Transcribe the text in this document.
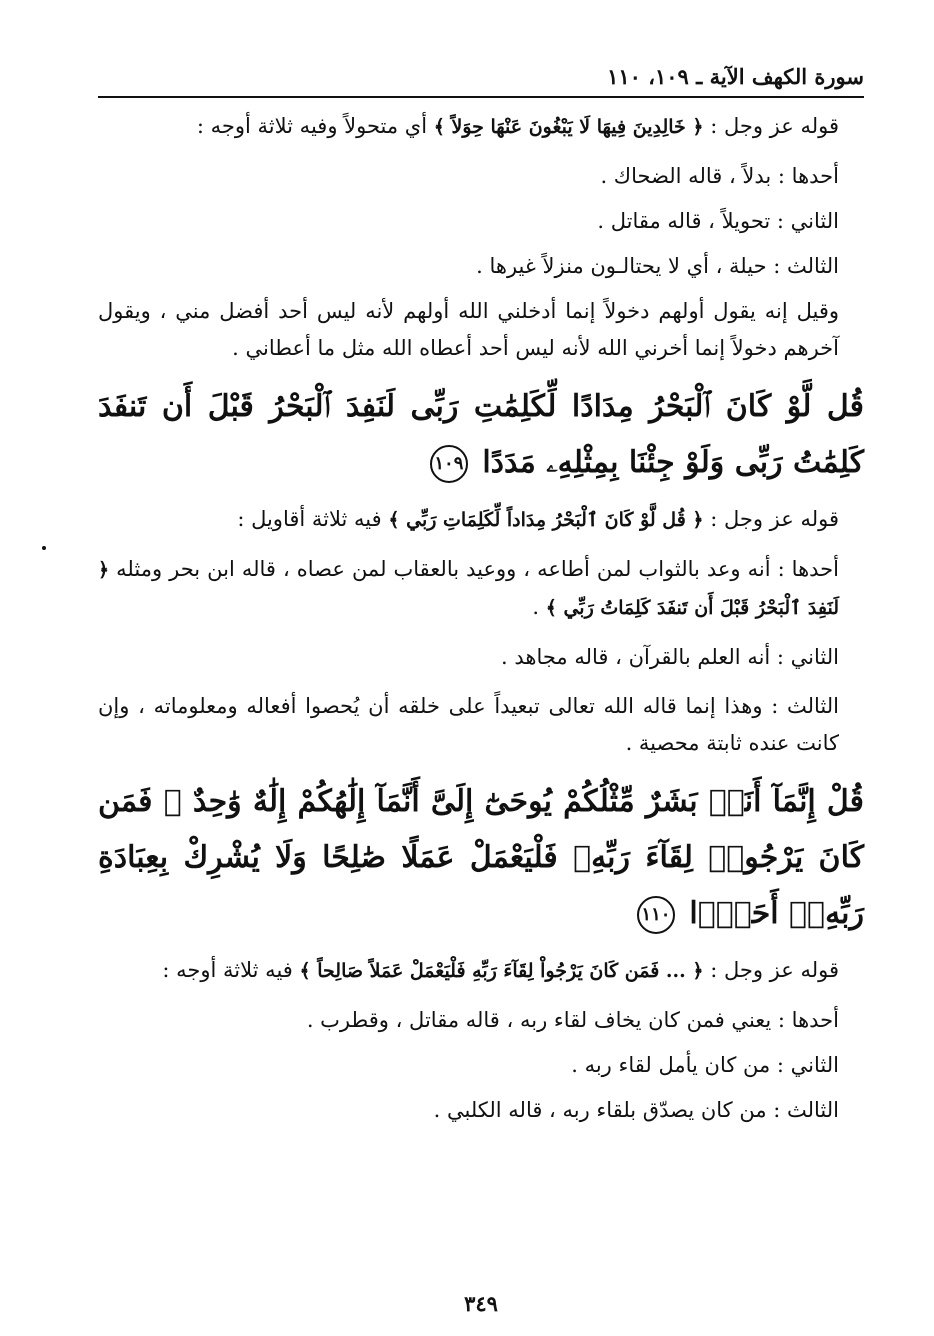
سورة الكهف الآية ـ ١٠٩، ١١٠

قوله عز وجل : ﴿ خَالِدِينَ فِيهَا لَا يَبْغُونَ عَنْهَا حِوَلاً ﴾ أي متحولاً وفيه ثلاثة أوجه :

أحدها : بدلاً ، قاله الضحاك .

الثاني : تحويلاً ، قاله مقاتل .

الثالث : حيلة ، أي لا يحتالـون منزلاً غيرها .

وقيل إنه يقول أولهم دخولاً إنما أدخلني الله أولهم لأنه ليس أحد أفضل مني ، ويقول آخرهم دخولاً إنما أخرني الله لأنه ليس أحد أعطاه الله مثل ما أعطاني .

قُل لَّوْ كَانَ ٱلْبَحْرُ مِدَادًا لِّكَلِمَٰتِ رَبِّى لَنَفِدَ ٱلْبَحْرُ قَبْلَ أَن تَنفَدَ كَلِمَٰتُ رَبِّى وَلَوْ جِئْنَا بِمِثْلِهِۦ مَدَدًا ١٠٩

قوله عز وجل : ﴿ قُل لَّوْ كَانَ ٱلْبَحْرُ مِدَاداً لِّكَلِمَاتِ رَبِّي ﴾ فيه ثلاثة أقاويل :

أحدها : أنه وعد بالثواب لمن أطاعه ، ووعيد بالعقاب لمن عصاه ، قاله ابن بحر ومثله ﴿ لَنَفِدَ ٱلْبَحْرُ قَبْلَ أَن تَنفَدَ كَلِمَاتُ رَبِّي ﴾ .

الثاني : أنه العلم بالقرآن ، قاله مجاهد .

الثالث : وهذا إنما قاله الله تعالى تبعيداً على خلقه أن يُحصوا أفعاله ومعلوماته ، وإن كانت عنده ثابتة محصية .

قُلْ إِنَّمَآ أَنَا۠ بَشَرٌ مِّثْلُكُمْ يُوحَىٰٓ إِلَىَّ أَنَّمَآ إِلَٰهُكُمْ إِلَٰهٌ وَٰحِدٌ ۖ فَمَن كَانَ يَرْجُوا۟ لِقَآءَ رَبِّهِۦ فَلْيَعْمَلْ عَمَلًا صَٰلِحًا وَلَا يُشْرِكْ بِعِبَادَةِ رَبِّهِۦٓ أَحَدًۢا ١١٠

قوله عز وجل : ﴿ ... فَمَن كَانَ يَرْجُواْ لِقَآءَ رَبِّهِ فَلْيَعْمَلْ عَمَلاً صَالِحاً ﴾ فيه ثلاثة أوجه :

أحدها : يعني فمن كان يخاف لقاء ربه ، قاله مقاتل ، وقطرب .

الثاني : من كان يأمل لقاء ربه .

الثالث : من كان يصدّق بلقاء ربه ، قاله الكلبي .

٣٤٩
